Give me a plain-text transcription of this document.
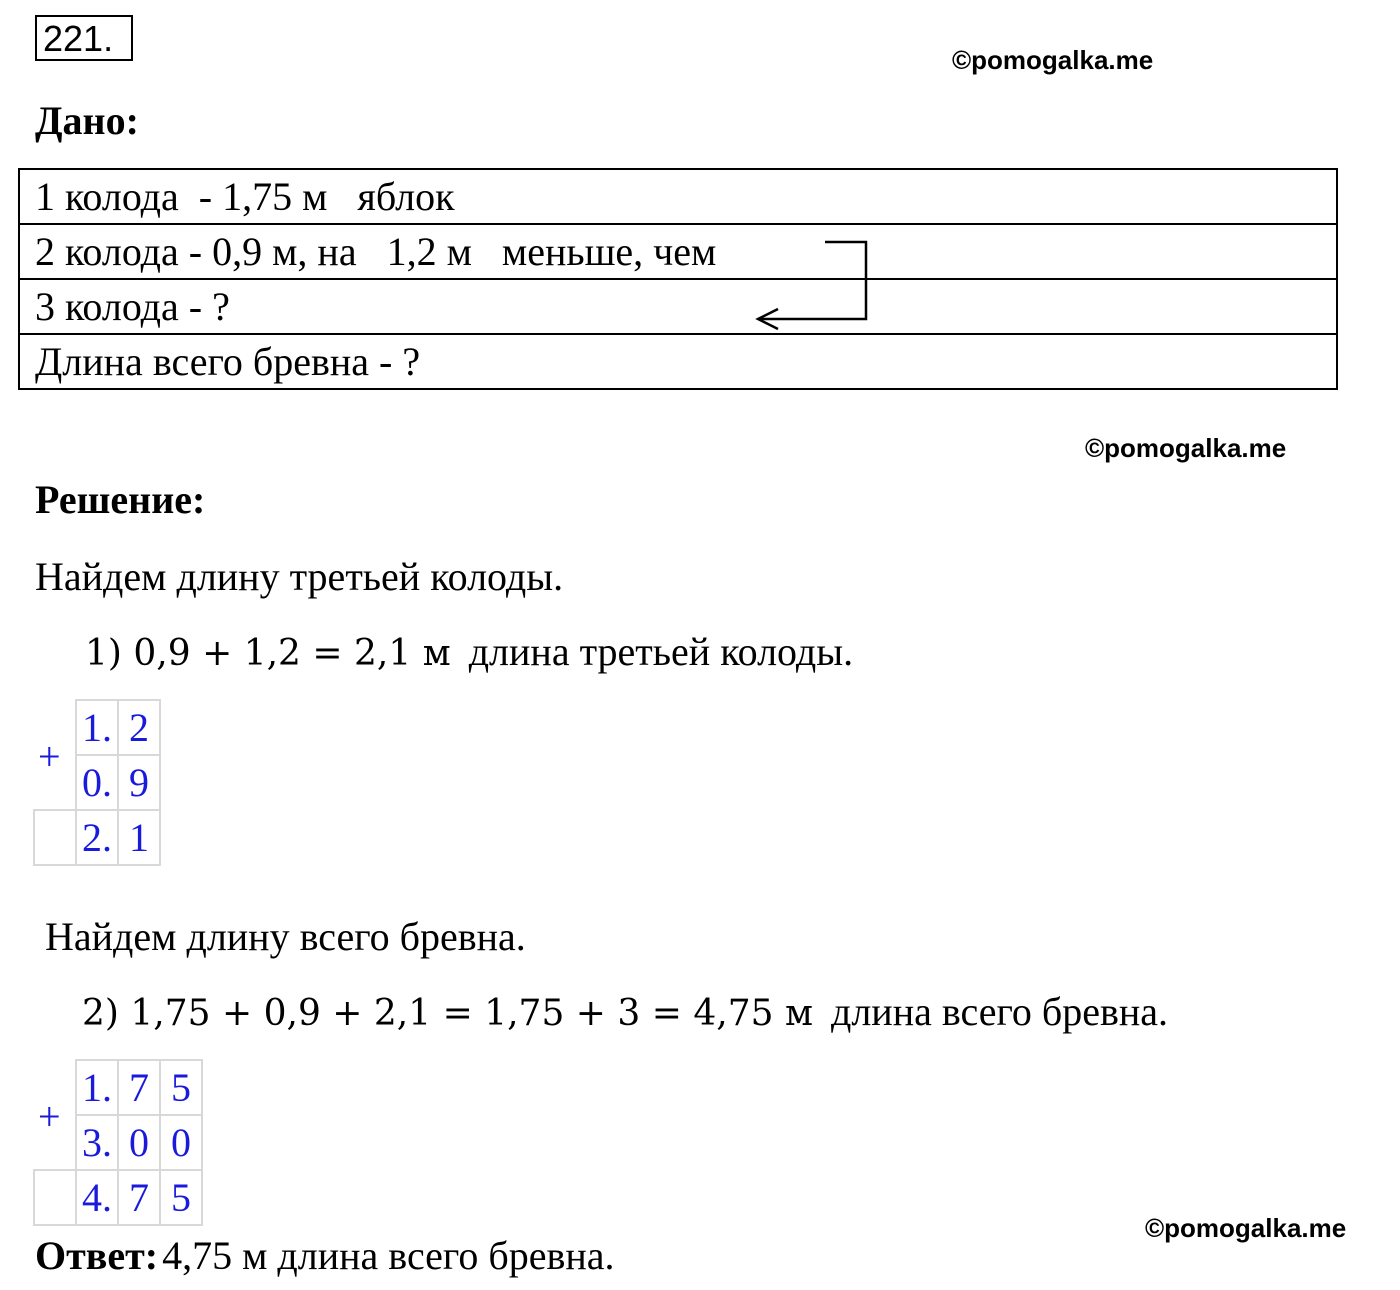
221.
©pomogalka.me
Дано:
1 колода  - 1,75 м   яблок
2 колода - 0,9 м, на   1,2 м   меньше, чем
3 колода - ?
Длина всего бревна - ?
©pomogalka.me
Решение:
Найдем длину третьей колоды.
1) 0,9 + 1,2 = 2,1 м длина третьей колоды.
+
	1.	2
	0.	9
	2.	1
Найдем длину всего бревна.
2) 1,75 + 0,9 + 2,1 = 1,75 + 3 = 4,75 м длина всего бревна.
+
	1.	7	5
	3.	0	0
	4.	7	5
©pomogalka.me
Ответ: 4,75 м длина всего бревна.
